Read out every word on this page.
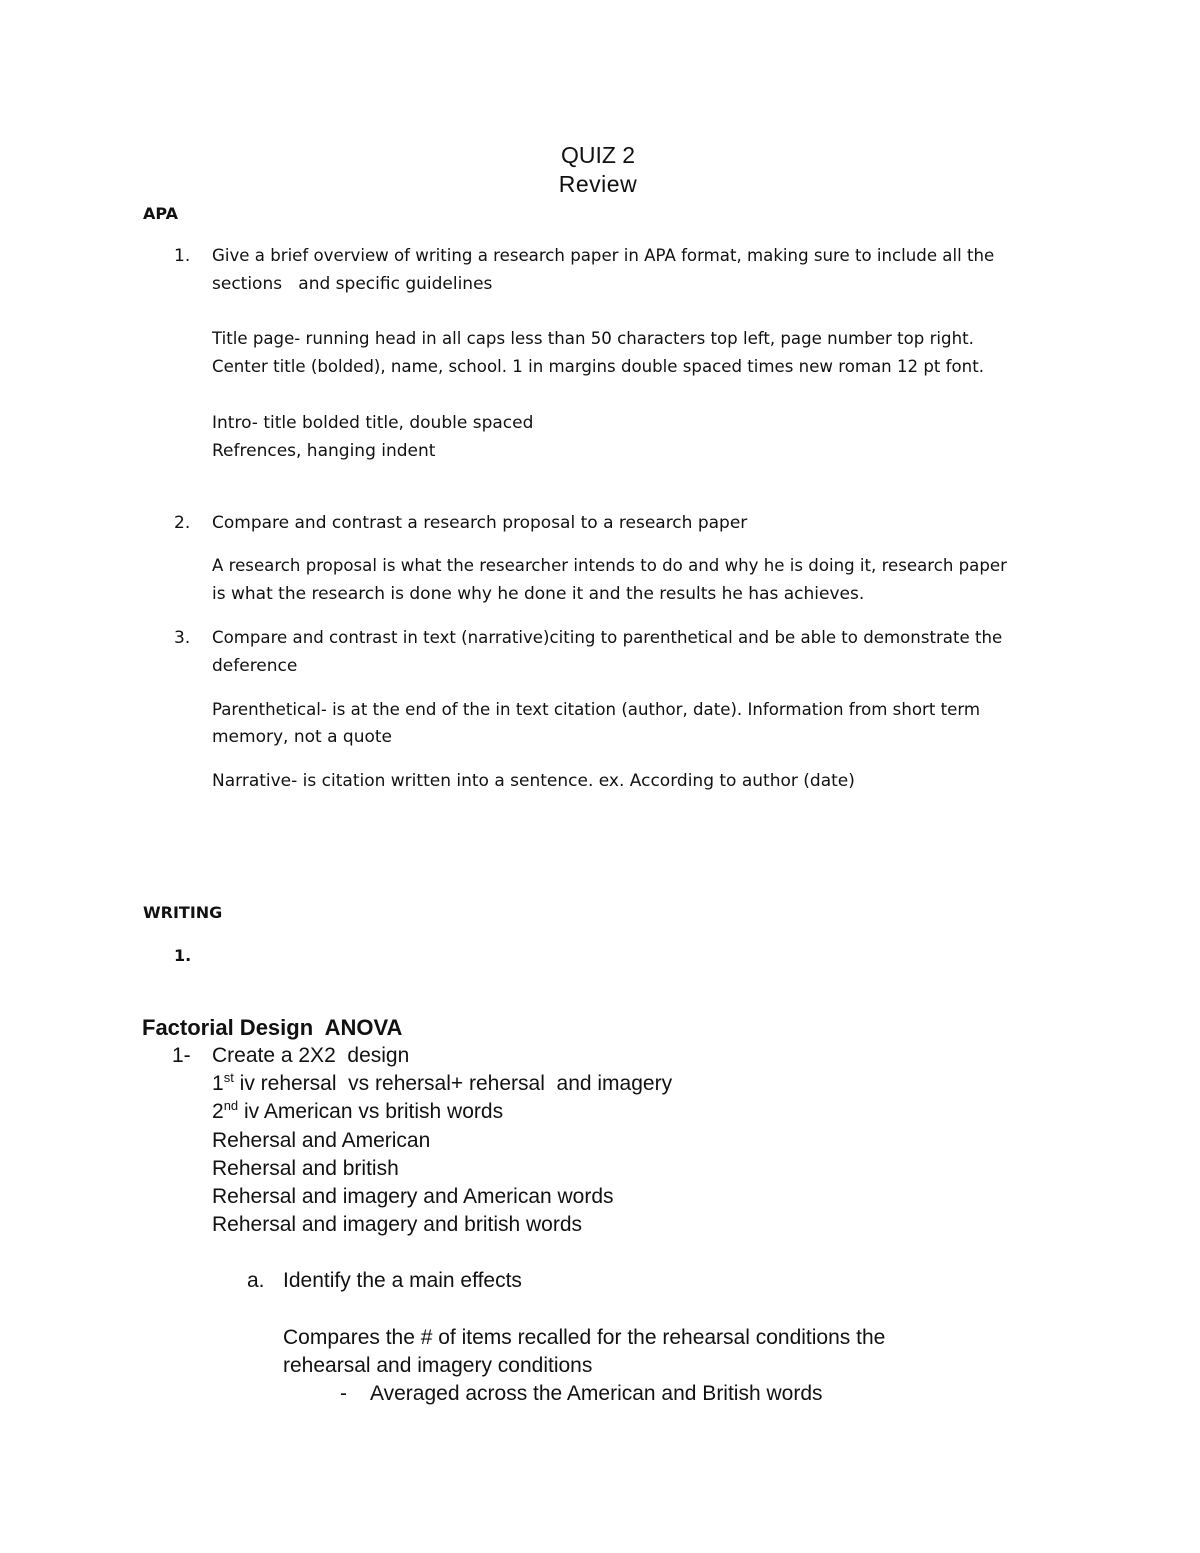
QUIZ 2
Review
APA
1. Give a brief overview of writing a research paper in APA format, making sure to include all the
sections   and specific guidelines
Title page- running head in all caps less than 50 characters top left, page number top right.
Center title (bolded), name, school. 1 in margins double spaced times new roman 12 pt font.
Intro- title bolded title, double spaced
Refrences, hanging indent
2. Compare and contrast a research proposal to a research paper
A research proposal is what the researcher intends to do and why he is doing it, research paper
is what the research is done why he done it and the results he has achieves.
3. Compare and contrast in text (narrative)citing to parenthetical and be able to demonstrate the
deference
Parenthetical- is at the end of the in text citation (author, date). Information from short term
memory, not a quote
Narrative- is citation written into a sentence. ex. According to author (date)
WRITING
1.
Factorial Design  ANOVA
1- Create a 2X2  design
1st iv rehersal  vs rehersal+ rehersal  and imagery
2nd iv American vs british words
Rehersal and American
Rehersal and british
Rehersal and imagery and American words
Rehersal and imagery and british words
a. Identify the a main effects
Compares the # of items recalled for the rehearsal conditions the
rehearsal and imagery conditions
- Averaged across the American and British words
